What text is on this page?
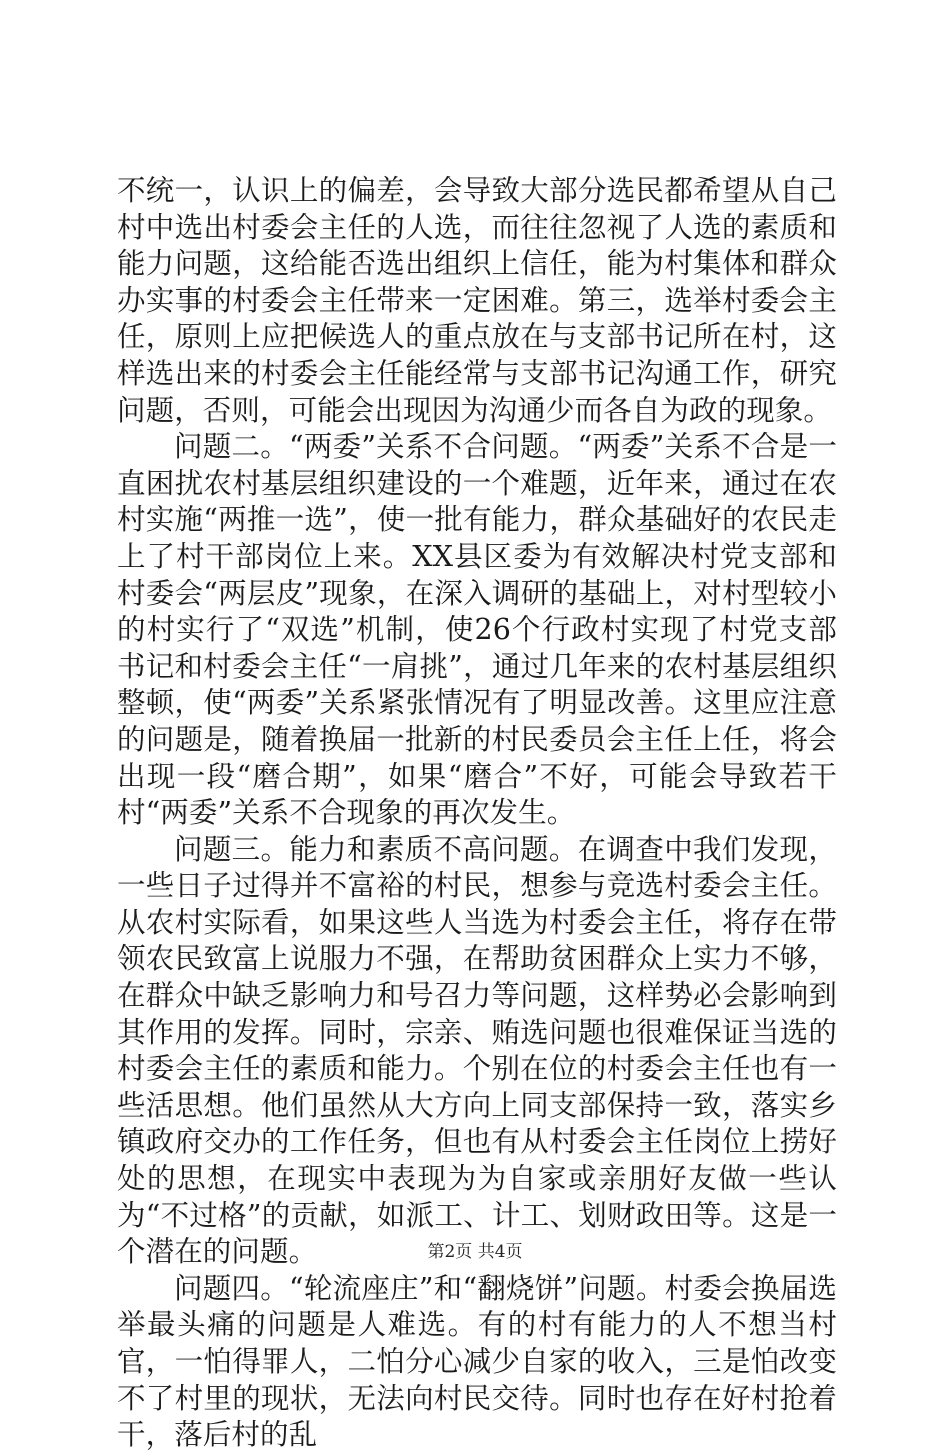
不统一，认识上的偏差，会导致大部分选民都希望从自己村中选出村委会主任的人选，而往往忽视了人选的素质和能力问题，这给能否选出组织上信任，能为村集体和群众办实事的村委会主任带来一定困难。第三，选举村委会主任，原则上应把候选人的重点放在与支部书记所在村，这样选出来的村委会主任能经常与支部书记沟通工作，研究问题，否则，可能会出现因为沟通少而各自为政的现象。

问题二。“两委”关系不合问题。“两委”关系不合是一直困扰农村基层组织建设的一个难题，近年来，通过在农村实施“两推一选”，使一批有能力，群众基础好的农民走上了村干部岗位上来。XX县区委为有效解决村党支部和村委会“两层皮”现象，在深入调研的基础上，对村型较小的村实行了“双选”机制，使26个行政村实现了村党支部书记和村委会主任“一肩挑”，通过几年来的农村基层组织整顿，使“两委”关系紧张情况有了明显改善。这里应注意的问题是，随着换届一批新的村民委员会主任上任，将会出现一段“磨合期”，如果“磨合”不好，可能会导致若干村“两委”关系不合现象的再次发生。

问题三。能力和素质不高问题。在调查中我们发现，一些日子过得并不富裕的村民，想参与竞选村委会主任。从农村实际看，如果这些人当选为村委会主任，将存在带领农民致富上说服力不强，在帮助贫困群众上实力不够，在群众中缺乏影响力和号召力等问题，这样势必会影响到其作用的发挥。同时，宗亲、贿选问题也很难保证当选的村委会主任的素质和能力。个别在位的村委会主任也有一些活思想。他们虽然从大方向上同支部保持一致，落实乡镇政府交办的工作任务，但也有从村委会主任岗位上捞好处的思想，在现实中表现为为自家或亲朋好友做一些认为“不过格”的贡献，如派工、计工、划财政田等。这是一个潜在的问题。

问题四。“轮流座庄”和“翻烧饼”问题。村委会换届选举最头痛的问题是人难选。有的村有能力的人不想当村官，一怕得罪人，二怕分心减少自家的收入，三是怕改变不了村里的现状，无法向村民交待。同时也存在好村抢着干，落后村的乱

第2页 共4页
